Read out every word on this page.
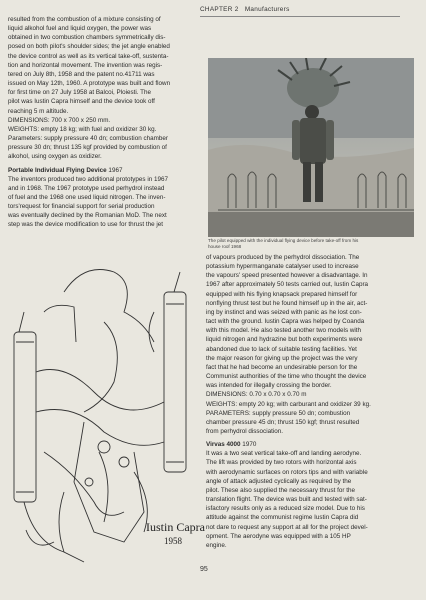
CHAPTER 2 Manufacturers

resulted from the combustion of a mixture consisting of

liquid alkohol fuel and liquid oxygen, the power was

obtained in two combustion chambers symmetrically dis-

posed on both pilot's shoulder sides; the jet angle enabled

the device control as well as its vertical take-off, sustenta-

tion and horizontal movement. The invention was regis-

tered on July 8th, 1958 and the patent no.41711 was

issued on May 12th, 1960. A prototype was built and flown

for first time on 27 July 1958 at Balcoi, Ploiesti. The

pilot was Iustin Capra himself and the device took off

reaching 5 m altitude.

DIMENSIONS: 700 x 700 x 250 mm.

WEIGHTS: empty 18 kg; with fuel and oxidizer 30 kg.

Parameters: supply pressure 40 dn; combustion chamber

pressure 30 dn; thrust 135 kgf provided by combustion of

alkohol, using oxygen as oxidizer.

Portable Individual Flying Device 1967

The inventors produced two additional prototypes in 1967

and in 1968. The 1967 prototype used perhydrol instead

of fuel and the 1968 one used liquid nitrogen. The inven-

tors'request for financial support for serial production

was eventually declined by the Romanian MoD. The next

step was the device modification to use for thrust the jet

The pilot equipped with the individual flying device before take-off from his
house roof 1968

of vapours produced by the perhydrol dissociation. The

potassium hypermanganate catalyser used to increase

the vapours' speed presented however a disadvantage. In

1967 after approximately 50 tests carried out, Iustin Capra

equipped with his flying knapsack prepared himself for

nonflying thrust test but he found himself up in the air, act-

ing by instinct and was seized with panic as he lost con-

tact with the ground. Iustin Capra was helped by Coanda

with this model. He also tested another two models with

liquid nitrogen and hydrazine but both experiments were

abandoned due to lack of suitable testing facilities. Yet

the major reason for giving up the project was the very

fact that he had become an undesirable person for the

Communist authorities of the time who thought the device

was intended for illegally crossing the border.

DIMENSIONS: 0.70 x 0.70 x 0.70 m

WEIGHTS: empty 20 kg; with carburant and oxidizer 39 kg.

PARAMETERS: supply pressure 50 dn; combustion

chamber pressure 45 dn; thrust 150 kgf; thrust resulted

from perhydrol dissociation.

Virvas 4000 1970

It was a two seat vertical take-off and landing aerodyne.

The lift was provided by two rotors with horizontal axis

with aerodynamic surfaces on rotors tips and with variable

angle of attack adjusted cyclically as required by the

pilot. These also supplied the necessary thrust for the

translation flight. The device was built and tested with sat-

isfactory results only as a reduced size model. Due to his

attitude against the communist regime Iustin Capra did

not dare to request any support at all for the project devel-

opment. The aerodyne was equipped with a 105 HP

engine.

Iustin Capra
1958
95
